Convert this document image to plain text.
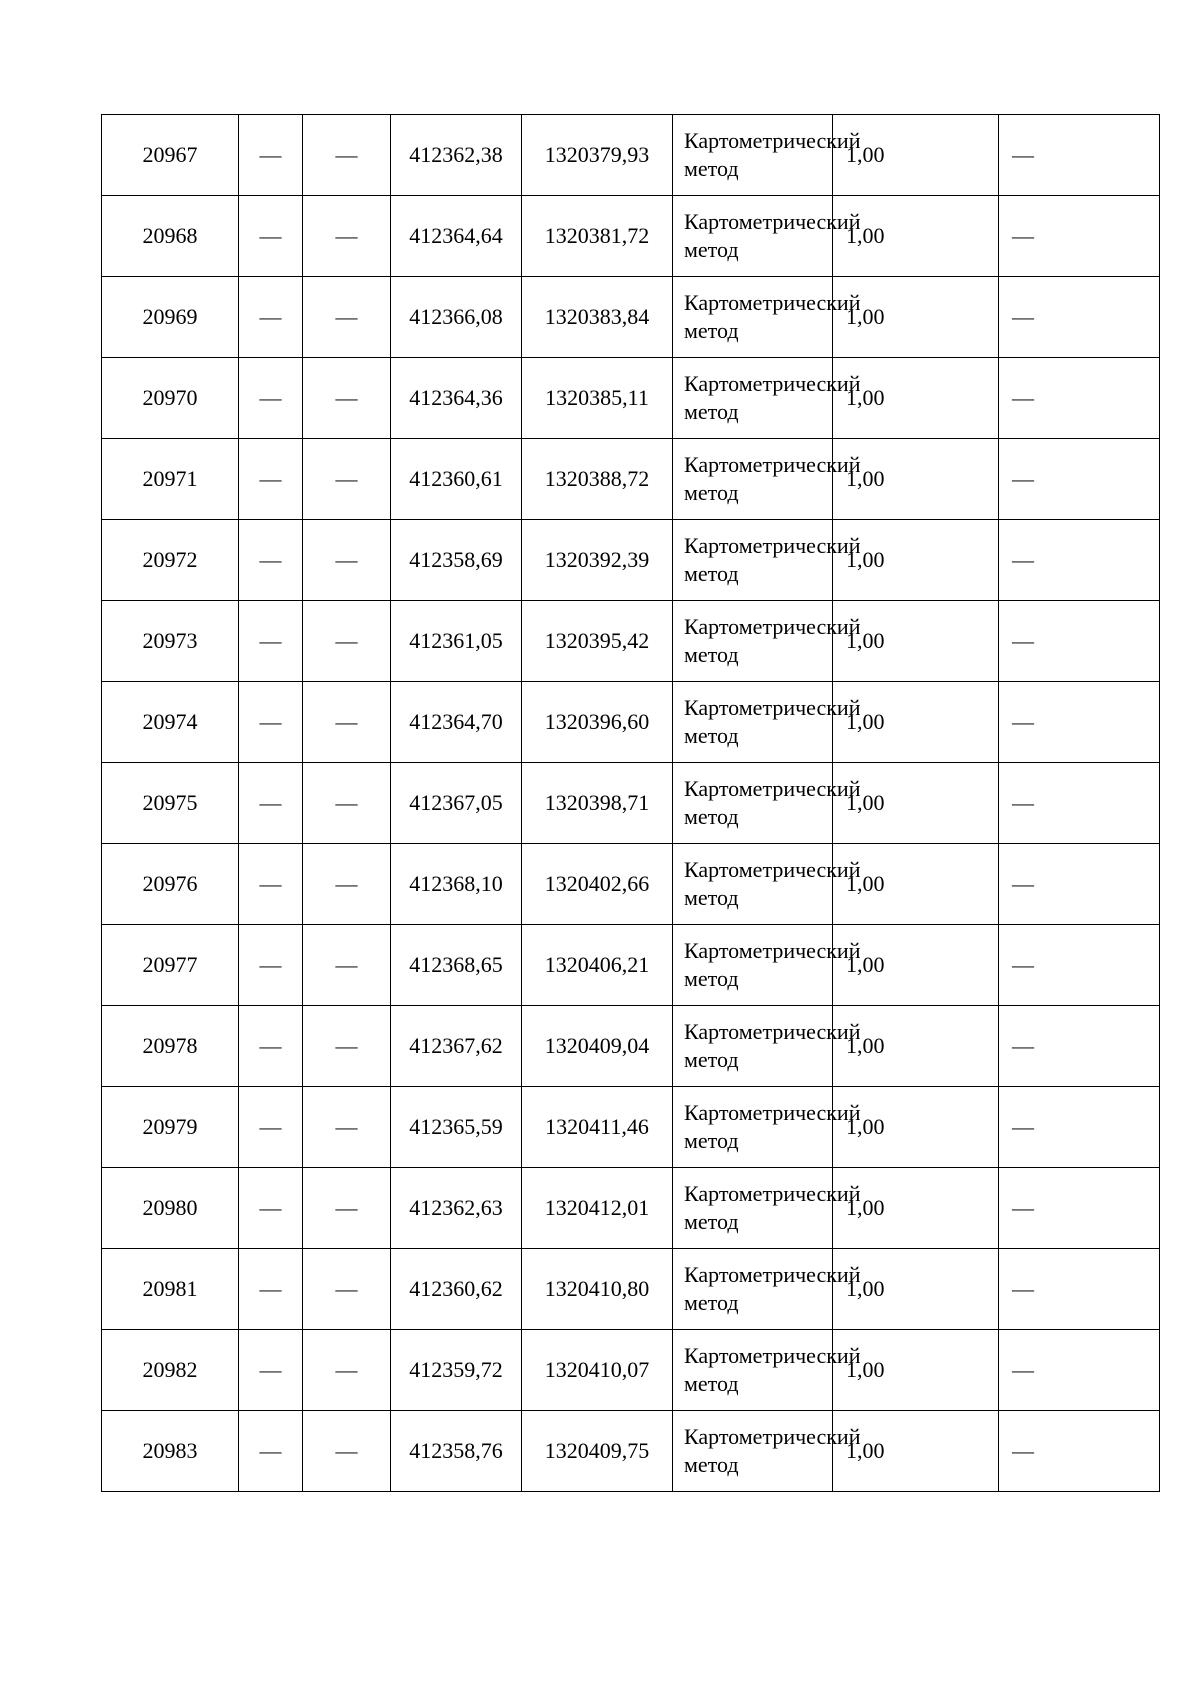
20967	—	—	412362,38	1320379,93	Картометрический метод	1,00	—
20968	—	—	412364,64	1320381,72	Картометрический метод	1,00	—
20969	—	—	412366,08	1320383,84	Картометрический метод	1,00	—
20970	—	—	412364,36	1320385,11	Картометрический метод	1,00	—
20971	—	—	412360,61	1320388,72	Картометрический метод	1,00	—
20972	—	—	412358,69	1320392,39	Картометрический метод	1,00	—
20973	—	—	412361,05	1320395,42	Картометрический метод	1,00	—
20974	—	—	412364,70	1320396,60	Картометрический метод	1,00	—
20975	—	—	412367,05	1320398,71	Картометрический метод	1,00	—
20976	—	—	412368,10	1320402,66	Картометрический метод	1,00	—
20977	—	—	412368,65	1320406,21	Картометрический метод	1,00	—
20978	—	—	412367,62	1320409,04	Картометрический метод	1,00	—
20979	—	—	412365,59	1320411,46	Картометрический метод	1,00	—
20980	—	—	412362,63	1320412,01	Картометрический метод	1,00	—
20981	—	—	412360,62	1320410,80	Картометрический метод	1,00	—
20982	—	—	412359,72	1320410,07	Картометрический метод	1,00	—
20983	—	—	412358,76	1320409,75	Картометрический метод	1,00	—
